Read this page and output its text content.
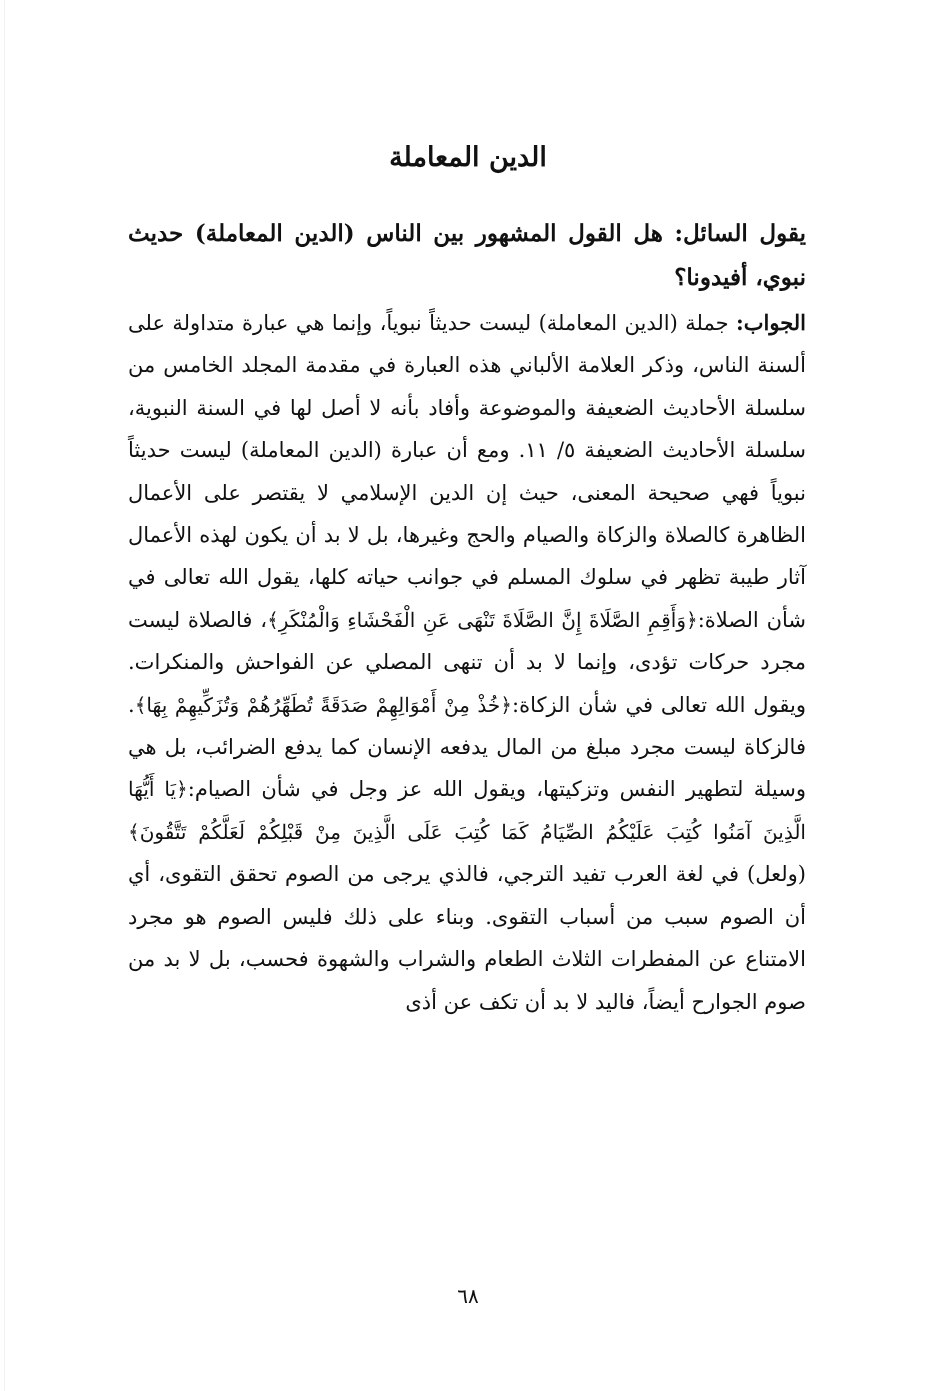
الدين المعاملة

يقول السائل: هل القول المشهور بين الناس (الدين المعاملة) حديث نبوي، أفيدونا؟

الجواب: جملة (الدين المعاملة) ليست حديثاً نبوياً، وإنما هي عبارة متداولة على ألسنة الناس، وذكر العلامة الألباني هذه العبارة في مقدمة المجلد الخامس من سلسلة الأحاديث الضعيفة والموضوعة وأفاد بأنه لا أصل لها في السنة النبوية، سلسلة الأحاديث الضعيفة ٥/ ١١. ومع أن عبارة (الدين المعاملة) ليست حديثاً نبوياً فهي صحيحة المعنى، حيث إن الدين الإسلامي لا يقتصر على الأعمال الظاهرة كالصلاة والزكاة والصيام والحج وغيرها، بل لا بد أن يكون لهذه الأعمال آثار طيبة تظهر في سلوك المسلم في جوانب حياته كلها، يقول الله تعالى في شأن الصلاة:﴿وَأَقِمِ الصَّلَاةَ إِنَّ الصَّلَاةَ تَنْهَى عَنِ الْفَحْشَاءِ وَالْمُنْكَرِ﴾، فالصلاة ليست مجرد حركات تؤدى، وإنما لا بد أن تنهى المصلي عن الفواحش والمنكرات. ويقول الله تعالى في شأن الزكاة:﴿خُذْ مِنْ أَمْوَالِهِمْ صَدَقَةً تُطَهِّرُهُمْ وَتُزَكِّيهِمْ بِهَا﴾. فالزكاة ليست مجرد مبلغ من المال يدفعه الإنسان كما يدفع الضرائب، بل هي وسيلة لتطهير النفس وتزكيتها، ويقول الله عز وجل في شأن الصيام:﴿يَا أَيُّهَا الَّذِينَ آمَنُوا كُتِبَ عَلَيْكُمُ الصِّيَامُ كَمَا كُتِبَ عَلَى الَّذِينَ مِنْ قَبْلِكُمْ لَعَلَّكُمْ تَتَّقُونَ﴾ (ولعل) في لغة العرب تفيد الترجي، فالذي يرجى من الصوم تحقق التقوى، أي أن الصوم سبب من أسباب التقوى. وبناء على ذلك فليس الصوم هو مجرد الامتناع عن المفطرات الثلاث الطعام والشراب والشهوة فحسب، بل لا بد من صوم الجوارح أيضاً، فاليد لا بد أن تكف عن أذى

٦٨
